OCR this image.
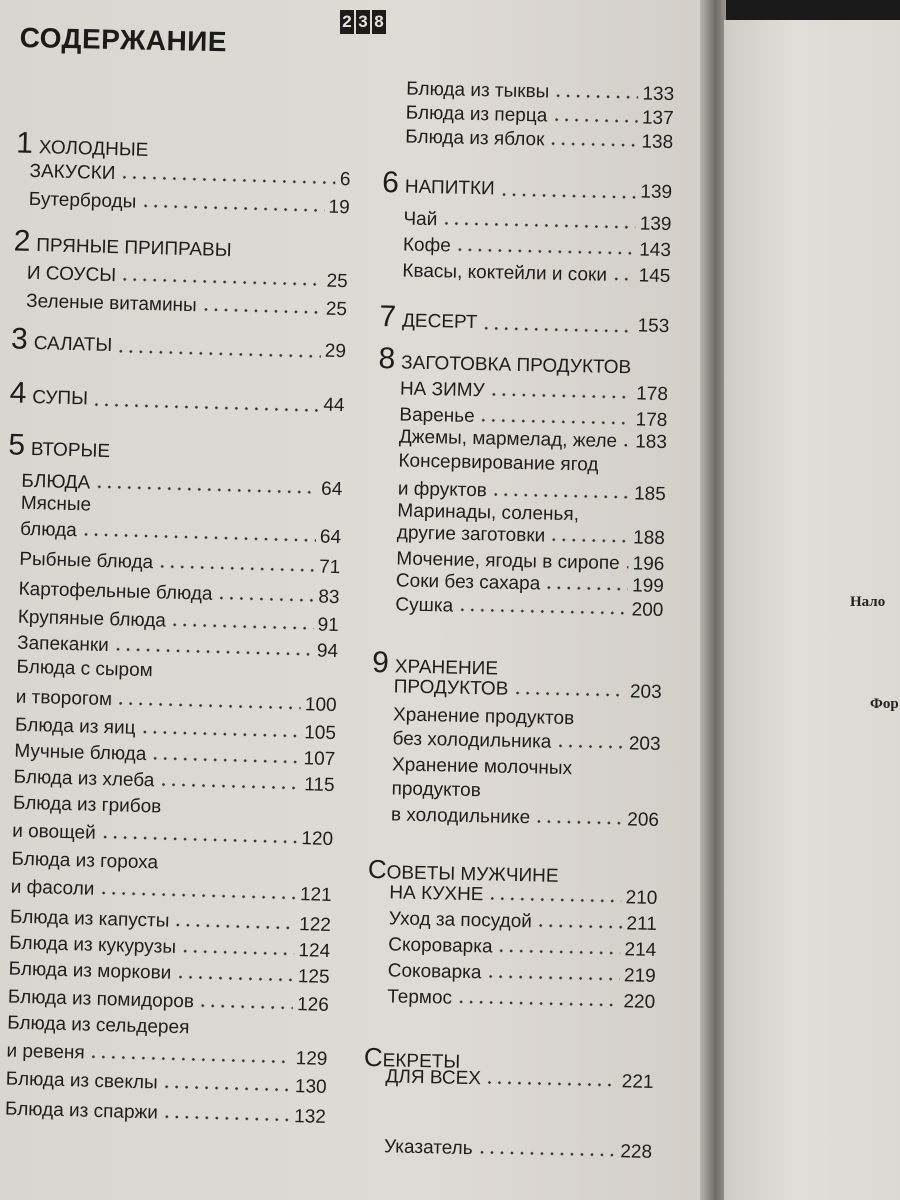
СОДЕРЖАНИЕ
2 3 8
1 ХОЛОДНЫЕ
ЗАКУСКИ	6
Бутерброды	19
2 ПРЯНЫЕ ПРИПРАВЫ
И СОУСЫ	25
Зеленые витамины	25
3 САЛАТЫ	29
4 СУПЫ	44
5 ВТОРЫЕ
БЛЮДА	64
Мясные
блюда	64
Рыбные блюда	71
Картофельные блюда	83
Крупяные блюда	91
Запеканки	94
Блюда с сыром
и творогом	100
Блюда из яиц	105
Мучные блюда	107
Блюда из хлеба	115
Блюда из грибов
и овощей	120
Блюда из гороха
и фасоли	121
Блюда из капусты	122
Блюда из кукурузы	124
Блюда из моркови	125
Блюда из помидоров	126
Блюда из сельдерея
и ревеня	129
Блюда из свеклы	130
Блюда из спаржи	132
Блюда из тыквы	133
Блюда из перца	137
Блюда из яблок	138
6 НАПИТКИ	139
Чай	139
Кофе	143
Квасы, коктейли и соки 145
7 ДЕСЕРТ	153
8 ЗАГОТОВКА ПРОДУКТОВ
НА ЗИМУ	178
Варенье	178
Джемы, мармелад, желе 183
Консервирование ягод
и фруктов	185
Маринады, соленья,
другие заготовки	188
Мочение, ягоды в сиропе 196
Соки без сахара	199
Сушка	200
9 ХРАНЕНИЕ
ПРОДУКТОВ	203
Хранение продуктов
без холодильника	203
Хранение молочных
продуктов
в холодильнике	206
С ОВЕТЫ МУЖЧИНЕ
НА КУХНЕ	210
Уход за посудой	211
Скороварка	214
Соковарка	219
Термос	220
С ЕКРЕТЫ
ДЛЯ ВСЕХ	221
Указатель	228
Нало
Фор
